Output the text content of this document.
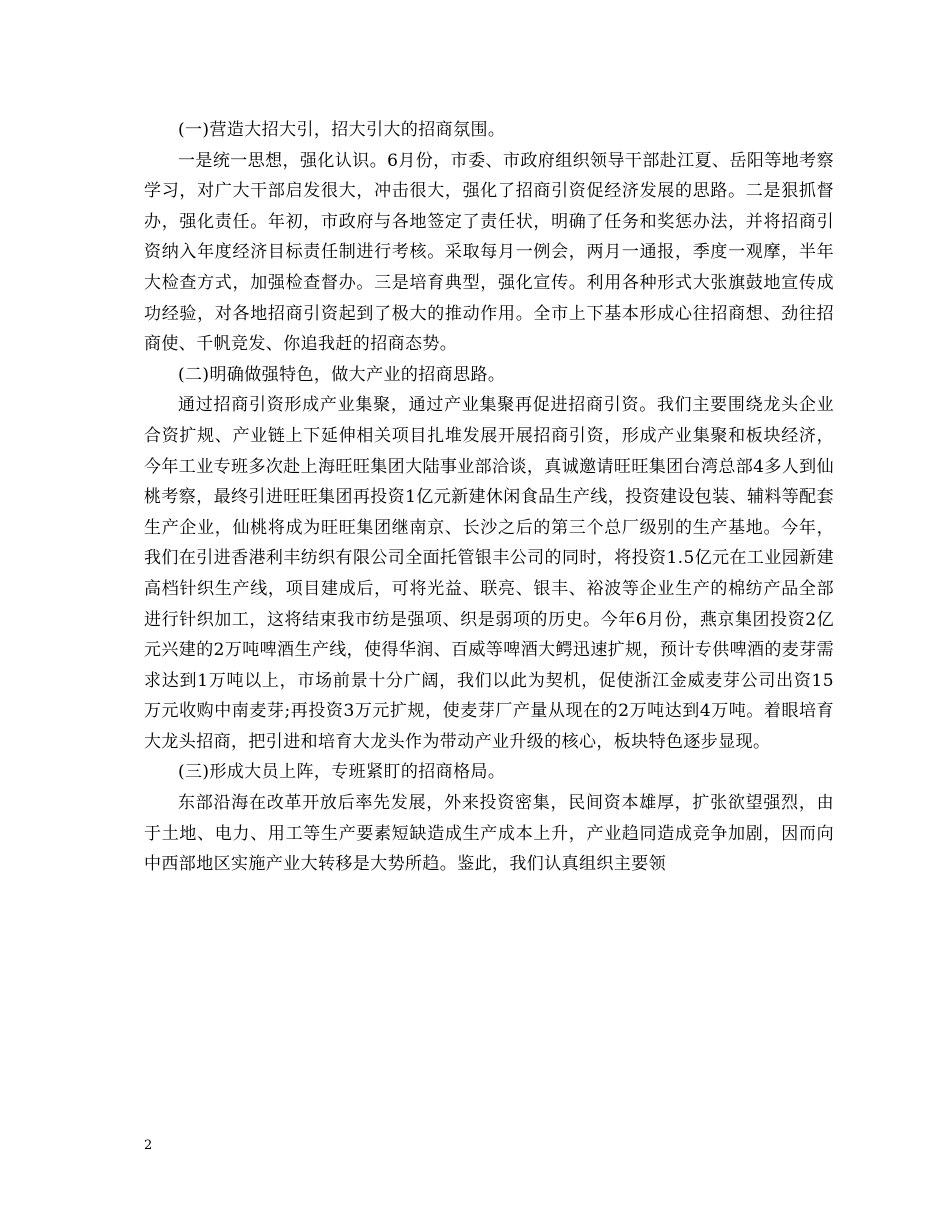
(一)营造大招大引，招大引大的招商氛围。

一是统一思想，强化认识。6月份，市委、市政府组织领导干部赴江夏、岳阳等地考察学习，对广大干部启发很大，冲击很大，强化了招商引资促经济发展的思路。二是狠抓督办，强化责任。年初，市政府与各地签定了责任状，明确了任务和奖惩办法，并将招商引资纳入年度经济目标责任制进行考核。采取每月一例会，两月一通报，季度一观摩，半年大检查方式，加强检查督办。三是培育典型，强化宣传。利用各种形式大张旗鼓地宣传成功经验，对各地招商引资起到了极大的推动作用。全市上下基本形成心往招商想、劲往招商使、千帆竞发、你追我赶的招商态势。

(二)明确做强特色，做大产业的招商思路。

通过招商引资形成产业集聚，通过产业集聚再促进招商引资。我们主要围绕龙头企业合资扩规、产业链上下延伸相关项目扎堆发展开展招商引资，形成产业集聚和板块经济，今年工业专班多次赴上海旺旺集团大陆事业部洽谈，真诚邀请旺旺集团台湾总部4多人到仙桃考察，最终引进旺旺集团再投资1亿元新建休闲食品生产线，投资建设包装、辅料等配套生产企业，仙桃将成为旺旺集团继南京、长沙之后的第三个总厂级别的生产基地。今年，我们在引进香港利丰纺织有限公司全面托管银丰公司的同时，将投资1.5亿元在工业园新建高档针织生产线，项目建成后，可将光益、联亮、银丰、裕波等企业生产的棉纺产品全部进行针织加工，这将结束我市纺是强项、织是弱项的历史。今年6月份，燕京集团投资2亿元兴建的2万吨啤酒生产线，使得华润、百威等啤酒大鳄迅速扩规，预计专供啤酒的麦芽需求达到1万吨以上，市场前景十分广阔，我们以此为契机，促使浙江金威麦芽公司出资15万元收购中南麦芽;再投资3万元扩规，使麦芽厂产量从现在的2万吨达到4万吨。着眼培育大龙头招商，把引进和培育大龙头作为带动产业升级的核心，板块特色逐步显现。

(三)形成大员上阵，专班紧盯的招商格局。

东部沿海在改革开放后率先发展，外来投资密集，民间资本雄厚，扩张欲望强烈，由于土地、电力、用工等生产要素短缺造成生产成本上升，产业趋同造成竞争加剧，因而向中西部地区实施产业大转移是大势所趋。鉴此，我们认真组织主要领

2
